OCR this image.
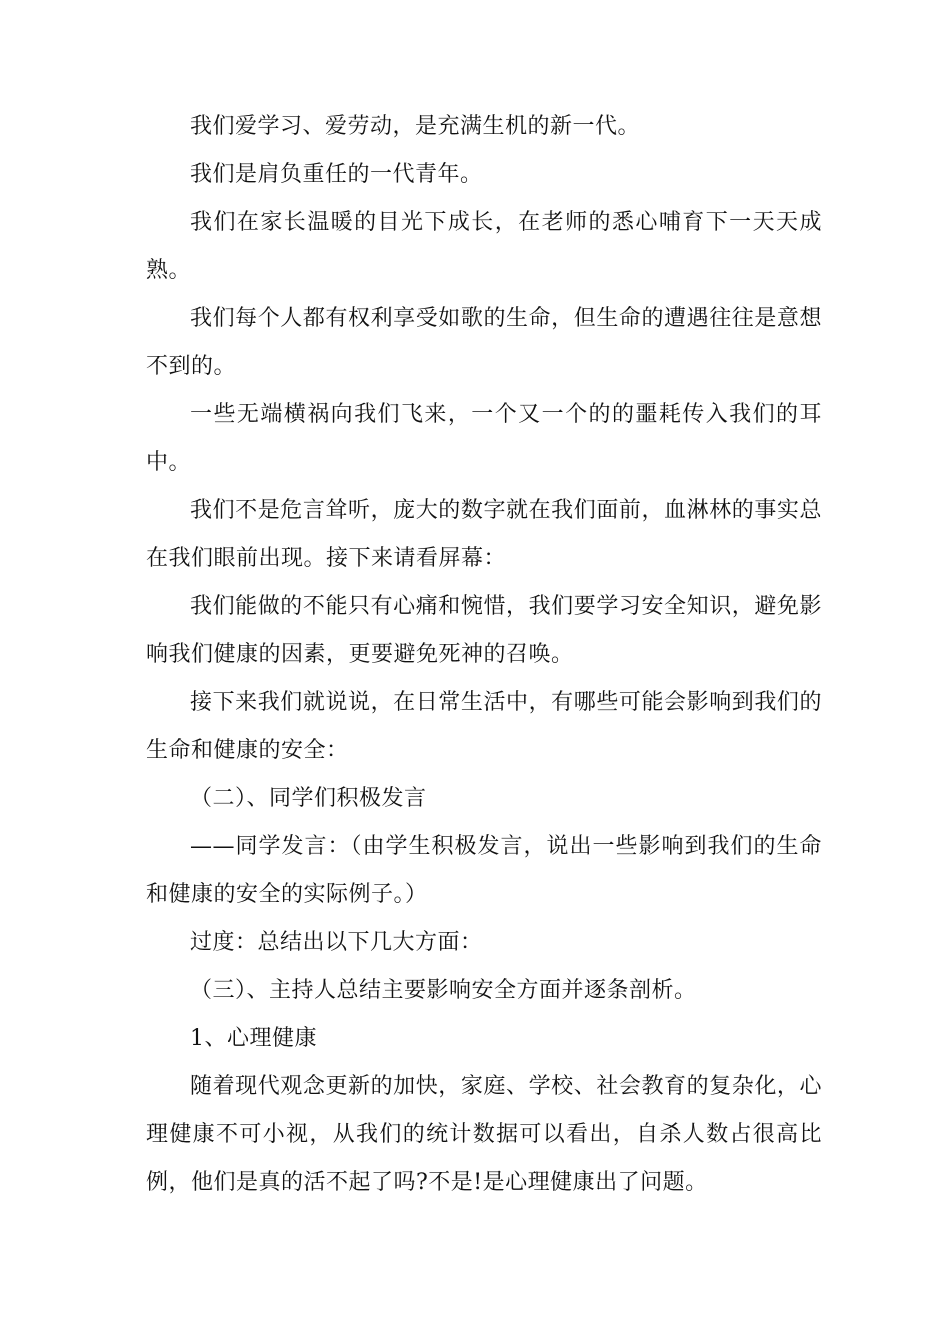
我们爱学习、爱劳动，是充满生机的新一代。

我们是肩负重任的一代青年。

我们在家长温暖的目光下成长，在老师的悉心哺育下一天天成熟。

我们每个人都有权利享受如歌的生命，但生命的遭遇往往是意想不到的。

一些无端横祸向我们飞来，一个又一个的的噩耗传入我们的耳中。

我们不是危言耸听，庞大的数字就在我们面前，血淋林的事实总在我们眼前出现。接下来请看屏幕：

我们能做的不能只有心痛和惋惜，我们要学习安全知识，避免影响我们健康的因素，更要避免死神的召唤。

接下来我们就说说，在日常生活中，有哪些可能会影响到我们的生命和健康的安全：

（二）、同学们积极发言

——同学发言：（由学生积极发言，说出一些影响到我们的生命和健康的安全的实际例子。）

过度：总结出以下几大方面：

（三）、主持人总结主要影响安全方面并逐条剖析。

1、心理健康

随着现代观念更新的加快，家庭、学校、社会教育的复杂化，心理健康不可小视，从我们的统计数据可以看出，自杀人数占很高比例，他们是真的活不起了吗?不是!是心理健康出了问题。
